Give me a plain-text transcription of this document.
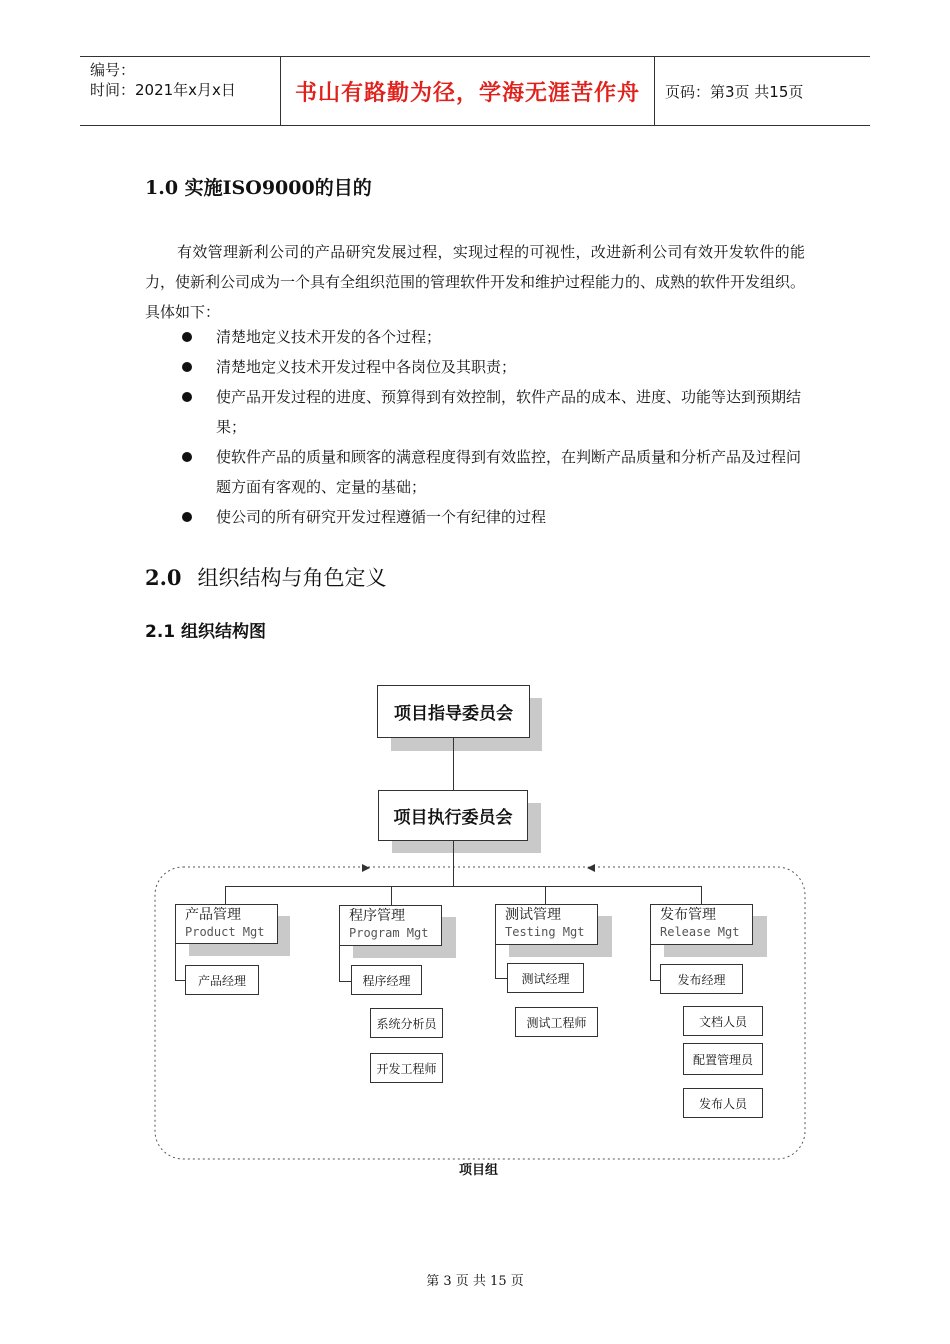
编号：
时间：2021年x月x日	书山有路勤为径，学海无涯苦作舟	页码：第3页 共15页
1.0 实施ISO9000的目的
有效管理新利公司的产品研究发展过程，实现过程的可视性，改进新利公司有效开发软件的能力，使新利公司成为一个具有全组织范围的管理软件开发和维护过程能力的、成熟的软件开发组织。具体如下：
清楚地定义技术开发的各个过程；
清楚地定义技术开发过程中各岗位及其职责；
使产品开发过程的进度、预算得到有效控制，软件产品的成本、进度、功能等达到预期结果；
使软件产品的质量和顾客的满意程度得到有效监控，在判断产品质量和分析产品及过程问题方面有客观的、定量的基础；
使公司的所有研究开发过程遵循一个有纪律的过程
2.0 组织结构与角色定义
2.1 组织结构图
项目指导委员会
项目执行委员会
产品管理
Product Mgt
产品经理
程序管理
Program Mgt
程序经理
系统分析员
开发工程师
测试管理
Testing Mgt
测试经理
测试工程师
发布管理
Release Mgt
发布经理
文档人员
配置管理员
发布人员
项目组
第 3 页 共 15 页
